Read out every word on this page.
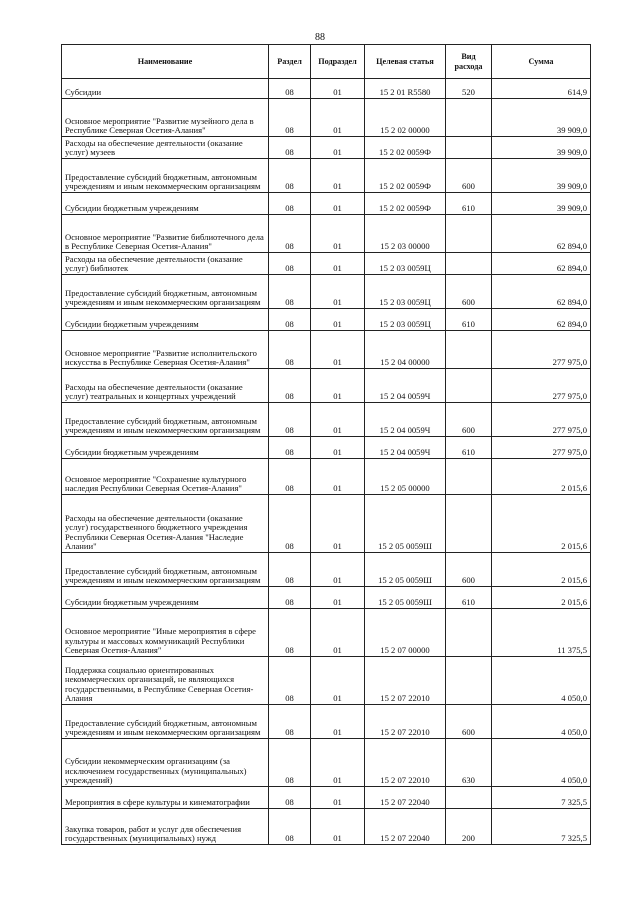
88
Наименование	Раздел	Подраздел	Целевая статья	Вид расхода	Сумма
Субсидии	08	01	15 2 01 R5580	520	614,9
Основное мероприятие "Развитие музейного дела в Республике Северная Осетия-Алания"	08	01	15 2 02 00000		39 909,0
Расходы на обеспечение деятельности (оказание услуг) музеев	08	01	15 2 02 0059Ф		39 909,0
Предоставление субсидий бюджетным, автономным учреждениям и иным некоммерческим организациям	08	01	15 2 02 0059Ф	600	39 909,0
Субсидии бюджетным учреждениям	08	01	15 2 02 0059Ф	610	39 909,0
Основное мероприятие "Развитие библиотечного дела в Республике Северная Осетия-Алания"	08	01	15 2 03 00000		62 894,0
Расходы на обеспечение деятельности (оказание услуг) библиотек	08	01	15 2 03 0059Ц		62 894,0
Предоставление субсидий бюджетным, автономным учреждениям и иным некоммерческим организациям	08	01	15 2 03 0059Ц	600	62 894,0
Субсидии бюджетным учреждениям	08	01	15 2 03 0059Ц	610	62 894,0
Основное мероприятие "Развитие исполнительского искусства в Республике Северная Осетия-Алания"	08	01	15 2 04 00000		277 975,0
Расходы на обеспечение деятельности (оказание услуг) театральных и концертных учреждений	08	01	15 2 04 0059Ч		277 975,0
Предоставление субсидий бюджетным, автономным учреждениям и иным некоммерческим организациям	08	01	15 2 04 0059Ч	600	277 975,0
Субсидии бюджетным учреждениям	08	01	15 2 04 0059Ч	610	277 975,0
Основное мероприятие "Сохранение культурного наследия Республики Северная Осетия-Алания"	08	01	15 2 05 00000		2 015,6
Расходы на обеспечение деятельности (оказание услуг) государственного бюджетного учреждения Республики Северная Осетия-Алания "Наследие Алании"	08	01	15 2 05 0059Ш		2 015,6
Предоставление субсидий бюджетным, автономным учреждениям и иным некоммерческим организациям	08	01	15 2 05 0059Ш	600	2 015,6
Субсидии бюджетным учреждениям	08	01	15 2 05 0059Ш	610	2 015,6
Основное мероприятие "Иные мероприятия в сфере культуры и массовых коммуникаций Республики Северная Осетия-Алания"	08	01	15 2 07 00000		11 375,5
Поддержка социально ориентированных некоммерческих организаций, не являющихся государственными, в Республике Северная Осетия-Алания	08	01	15 2 07 22010		4 050,0
Предоставление субсидий бюджетным, автономным учреждениям и иным некоммерческим организациям	08	01	15 2 07 22010	600	4 050,0
Субсидии некоммерческим организациям (за исключением государственных (муниципальных) учреждений)	08	01	15 2 07 22010	630	4 050,0
Мероприятия в сфере культуры и кинематографии	08	01	15 2 07 22040		7 325,5
Закупка товаров, работ и услуг для обеспечения государственных (муниципальных) нужд	08	01	15 2 07 22040	200	7 325,5
